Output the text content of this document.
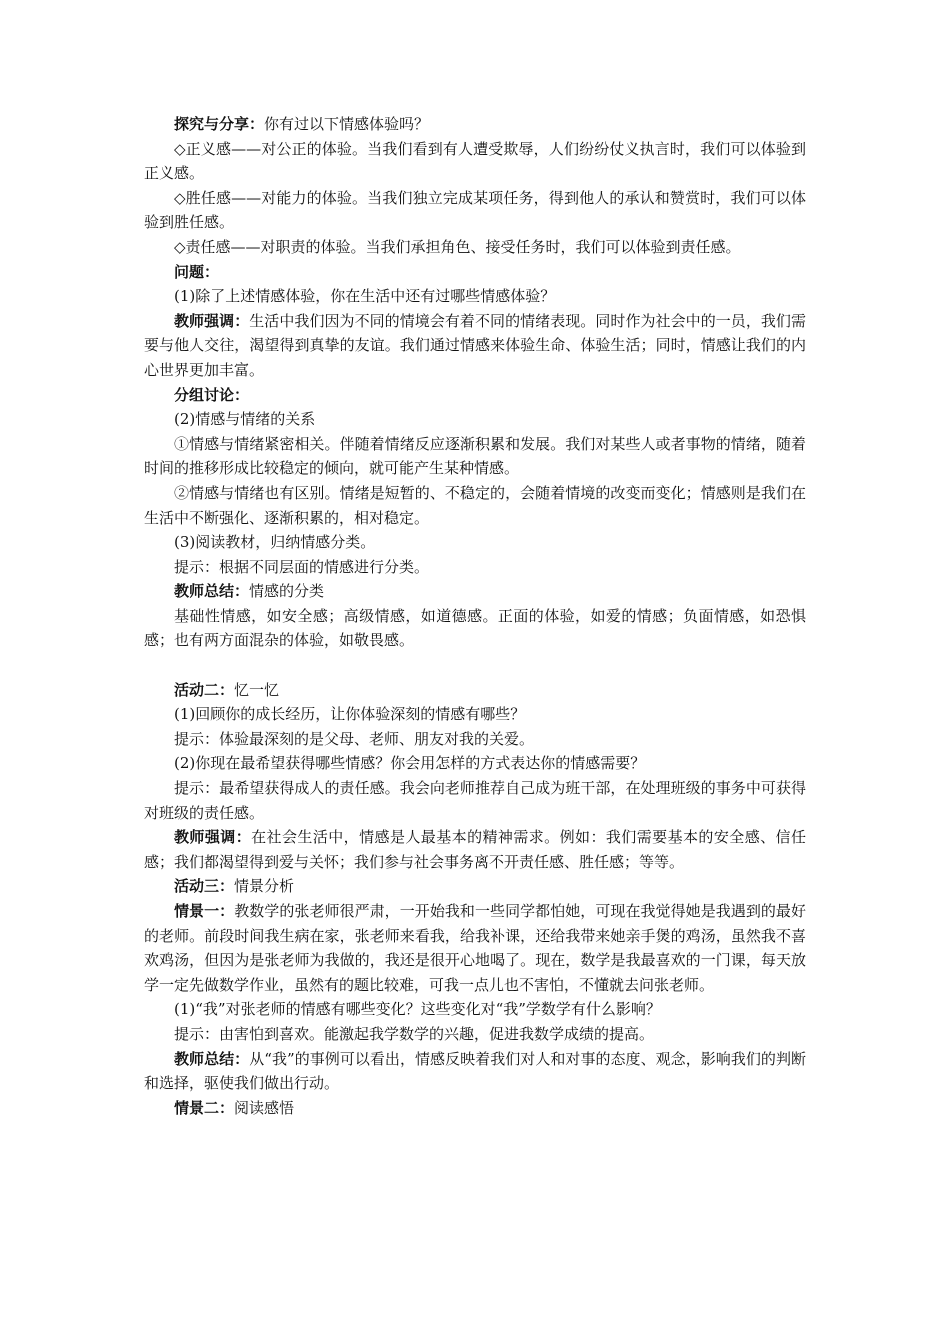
探究与分享：你有过以下情感体验吗？

◇正义感——对公正的体验。当我们看到有人遭受欺辱，人们纷纷仗义执言时，我们可以体验到正义感。

◇胜任感——对能力的体验。当我们独立完成某项任务，得到他人的承认和赞赏时，我们可以体验到胜任感。

◇责任感——对职责的体验。当我们承担角色、接受任务时，我们可以体验到责任感。

问题：

(1)除了上述情感体验，你在生活中还有过哪些情感体验？

教师强调：生活中我们因为不同的情境会有着不同的情绪表现。同时作为社会中的一员，我们需要与他人交往，渴望得到真挚的友谊。我们通过情感来体验生命、体验生活；同时，情感让我们的内心世界更加丰富。

分组讨论：

(2)情感与情绪的关系

①情感与情绪紧密相关。伴随着情绪反应逐渐积累和发展。我们对某些人或者事物的情绪，随着时间的推移形成比较稳定的倾向，就可能产生某种情感。

②情感与情绪也有区别。情绪是短暂的、不稳定的，会随着情境的改变而变化；情感则是我们在生活中不断强化、逐渐积累的，相对稳定。

(3)阅读教材，归纳情感分类。

提示：根据不同层面的情感进行分类。

教师总结：情感的分类

基础性情感，如安全感；高级情感，如道德感。正面的体验，如爱的情感；负面情感，如恐惧感；也有两方面混杂的体验，如敬畏感。

活动二：忆一忆

(1)回顾你的成长经历，让你体验深刻的情感有哪些？

提示：体验最深刻的是父母、老师、朋友对我的关爱。

(2)你现在最希望获得哪些情感？你会用怎样的方式表达你的情感需要？

提示：最希望获得成人的责任感。我会向老师推荐自己成为班干部，在处理班级的事务中可获得对班级的责任感。

教师强调：在社会生活中，情感是人最基本的精神需求。例如：我们需要基本的安全感、信任感；我们都渴望得到爱与关怀；我们参与社会事务离不开责任感、胜任感；等等。

活动三：情景分析

情景一：教数学的张老师很严肃，一开始我和一些同学都怕她，可现在我觉得她是我遇到的最好的老师。前段时间我生病在家，张老师来看我，给我补课，还给我带来她亲手煲的鸡汤，虽然我不喜欢鸡汤，但因为是张老师为我做的，我还是很开心地喝了。现在，数学是我最喜欢的一门课，每天放学一定先做数学作业，虽然有的题比较难，可我一点儿也不害怕，不懂就去问张老师。

(1)“我”对张老师的情感有哪些变化？这些变化对“我”学数学有什么影响？

提示：由害怕到喜欢。能激起我学数学的兴趣，促进我数学成绩的提高。

教师总结：从“我”的事例可以看出，情感反映着我们对人和对事的态度、观念，影响我们的判断和选择，驱使我们做出行动。

情景二：阅读感悟
